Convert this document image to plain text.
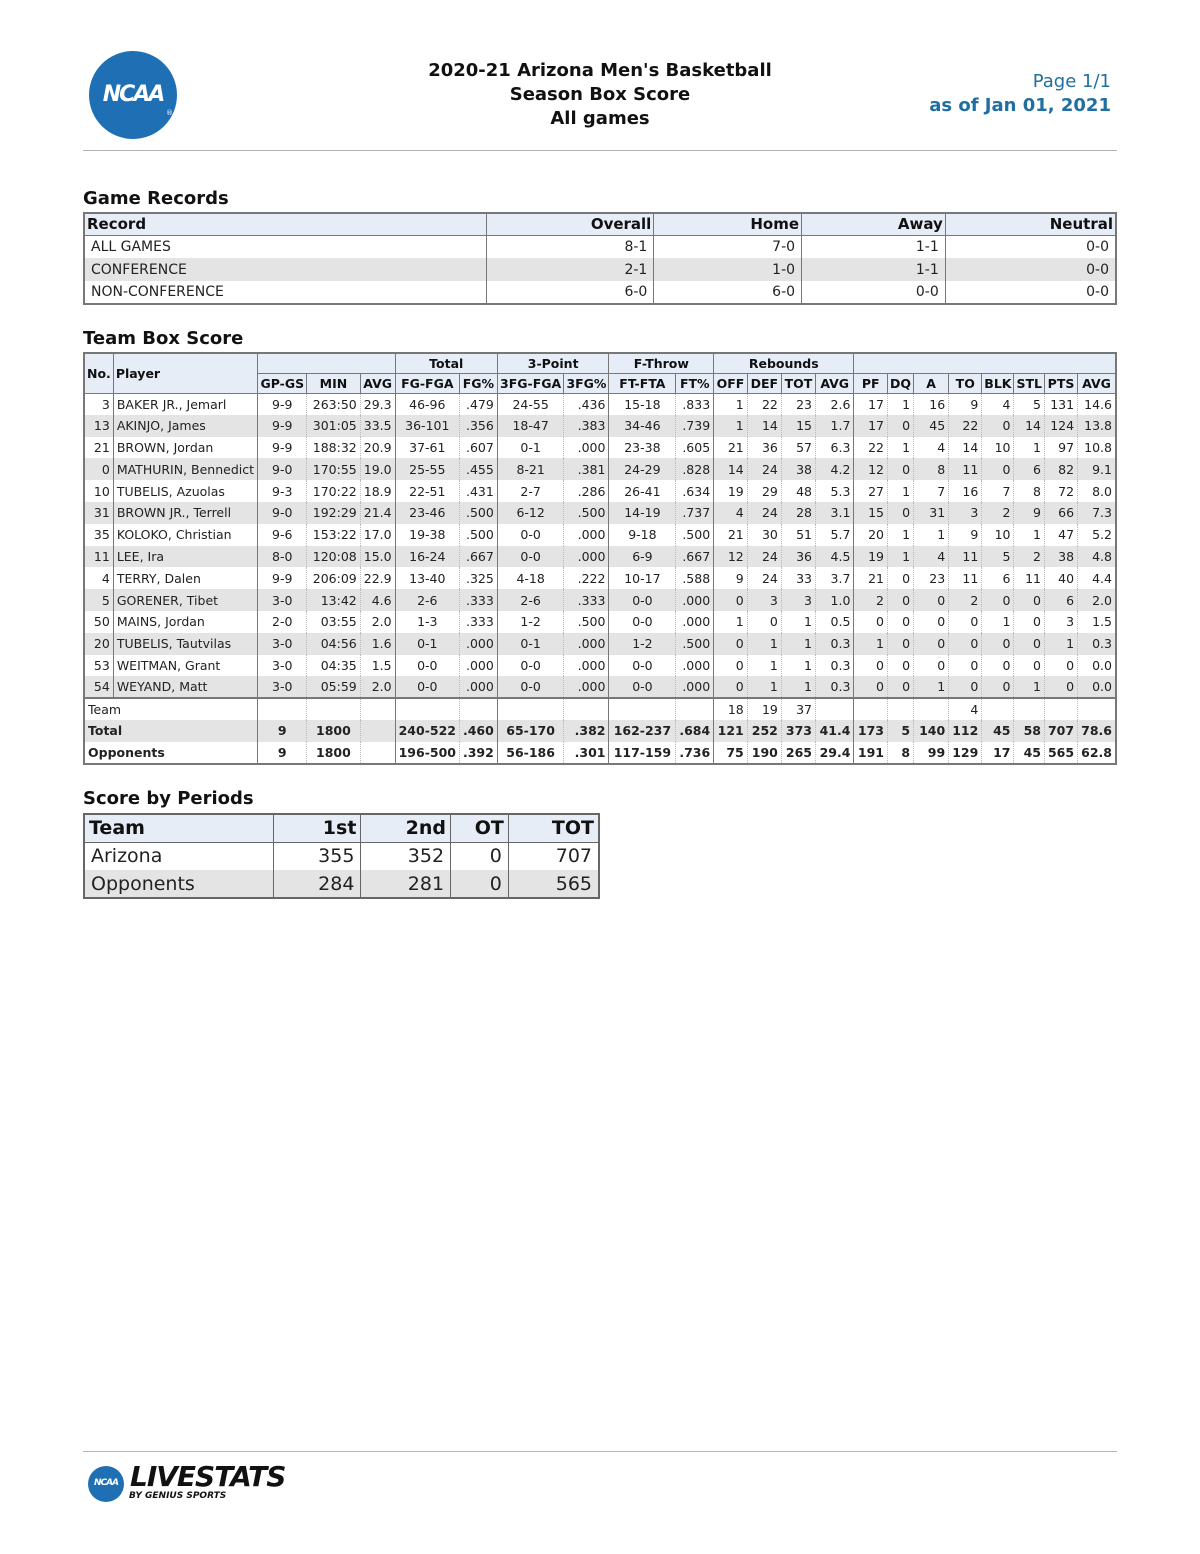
NCAA
®
2020-21 Arizona Men's Basketball
Season Box Score
All games
Page 1/1
as of Jan 01, 2021
Game Records
Record	Overall	Home	Away	Neutral
ALL GAMES	8-1	7-0	1-1	0-0
CONFERENCE	2-1	1-0	1-1	0-0
NON-CONFERENCE	6-0	6-0	0-0	0-0
Team Box Score
No.	Player				Total		3-Point		F-Throw		Rebounds											
		GP-GS	MIN	AVG	FG-FGA	FG%	3FG-FGA	3FG%	FT-FTA	FT%	OFF	DEF	TOT	AVG	PF	DQ	A	TO	BLK	STL	PTS	AVG
3	BAKER JR., Jemarl	9-9	263:50	29.3	46-96	.479	24-55	.436	15-18	.833	1	22	23	2.6	17	1	16	9	4	5	131	14.6
13	AKINJO, James	9-9	301:05	33.5	36-101	.356	18-47	.383	34-46	.739	1	14	15	1.7	17	0	45	22	0	14	124	13.8
21	BROWN, Jordan	9-9	188:32	20.9	37-61	.607	0-1	.000	23-38	.605	21	36	57	6.3	22	1	4	14	10	1	97	10.8
0	MATHURIN, Bennedict	9-0	170:55	19.0	25-55	.455	8-21	.381	24-29	.828	14	24	38	4.2	12	0	8	11	0	6	82	9.1
10	TUBELIS, Azuolas	9-3	170:22	18.9	22-51	.431	2-7	.286	26-41	.634	19	29	48	5.3	27	1	7	16	7	8	72	8.0
31	BROWN JR., Terrell	9-0	192:29	21.4	23-46	.500	6-12	.500	14-19	.737	4	24	28	3.1	15	0	31	3	2	9	66	7.3
35	KOLOKO, Christian	9-6	153:22	17.0	19-38	.500	0-0	.000	9-18	.500	21	30	51	5.7	20	1	1	9	10	1	47	5.2
11	LEE, Ira	8-0	120:08	15.0	16-24	.667	0-0	.000	6-9	.667	12	24	36	4.5	19	1	4	11	5	2	38	4.8
4	TERRY, Dalen	9-9	206:09	22.9	13-40	.325	4-18	.222	10-17	.588	9	24	33	3.7	21	0	23	11	6	11	40	4.4
5	GORENER, Tibet	3-0	13:42	4.6	2-6	.333	2-6	.333	0-0	.000	0	3	3	1.0	2	0	0	2	0	0	6	2.0
50	MAINS, Jordan	2-0	03:55	2.0	1-3	.333	1-2	.500	0-0	.000	1	0	1	0.5	0	0	0	0	1	0	3	1.5
20	TUBELIS, Tautvilas	3-0	04:56	1.6	0-1	.000	0-1	.000	1-2	.500	0	1	1	0.3	1	0	0	0	0	0	1	0.3
53	WEITMAN, Grant	3-0	04:35	1.5	0-0	.000	0-0	.000	0-0	.000	0	1	1	0.3	0	0	0	0	0	0	0	0.0
54	WEYAND, Matt	3-0	05:59	2.0	0-0	.000	0-0	.000	0-0	.000	0	1	1	0.3	0	0	1	0	0	1	0	0.0
Team											18	19	37					4				
Total		9	1800		240-522	.460	65-170	.382	162-237	.684	121	252	373	41.4	173	5	140	112	45	58	707	78.6
Opponents		9	1800		196-500	.392	56-186	.301	117-159	.736	75	190	265	29.4	191	8	99	129	17	45	565	62.8
Score by Periods
Team	1st	2nd	OT	TOT
Arizona	355	352	0	707
Opponents	284	281	0	565
NCAA LIVESTATS
BY GENIUS SPORTS
